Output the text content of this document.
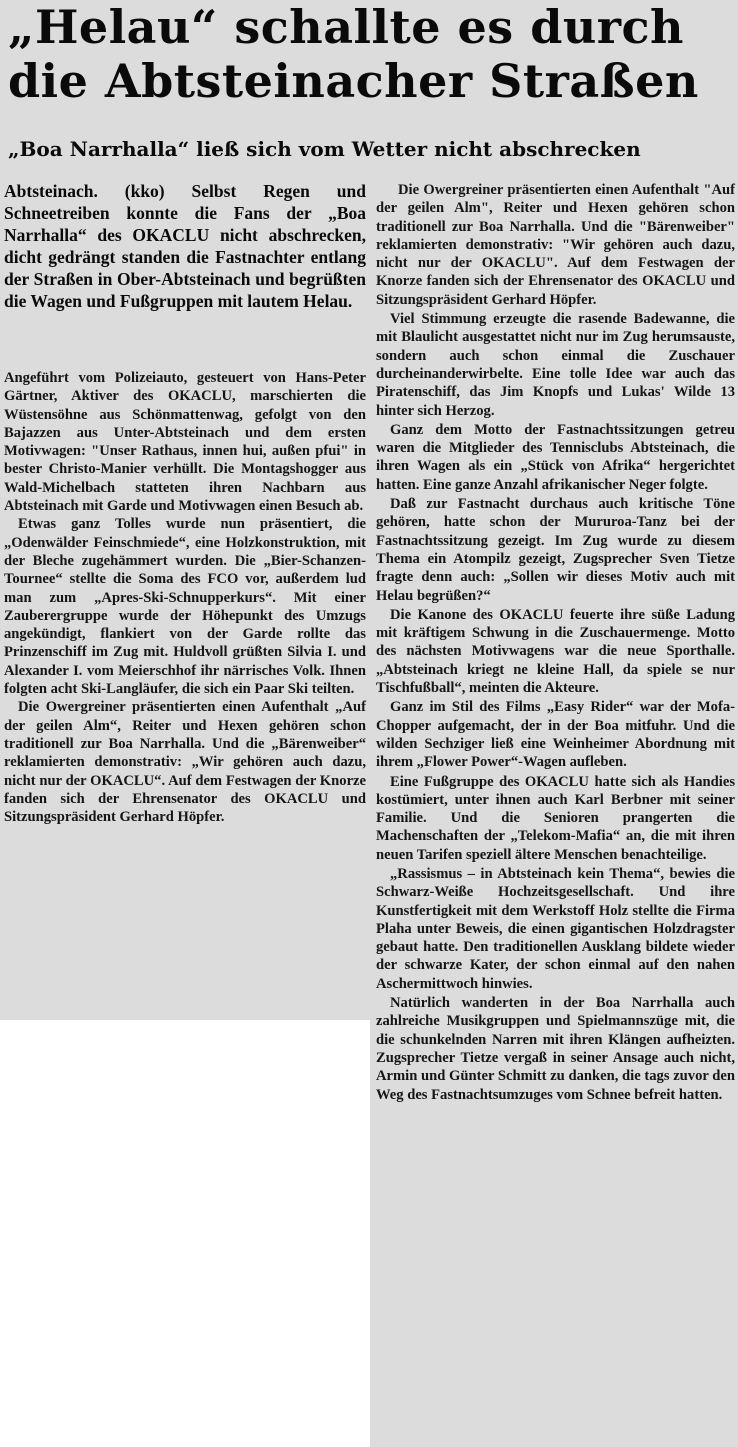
„Helau“ schallte es durch die Abtsteinacher Straßen
„Boa Narrhalla“ ließ sich vom Wetter nicht abschrecken

Abtsteinach. (kko) Selbst Regen und Schneetreiben konnte die Fans der „Boa Narrhalla“ des OKACLU nicht abschrecken, dicht gedrängt standen die Fastnachter entlang der Straßen in Ober-Abtsteinach und begrüßten die Wagen und Fußgruppen mit lautem Helau.

Angeführt vom Polizeiauto, gesteuert von Hans-Peter Gärtner, Aktiver des OKACLU, marschierten die Wüstensöhne aus Schönmattenwag, gefolgt von den Bajazzen aus Unter-Abtsteinach und dem ersten Motivwagen: "Unser Rathaus, innen hui, außen pfui" in bester Christo-Manier verhüllt. Die Montagshogger aus Wald-Michelbach statteten ihren Nachbarn aus Abtsteinach mit Garde und Motivwagen einen Besuch ab.

Etwas ganz Tolles wurde nun präsentiert, die „Odenwälder Feinschmiede“, eine Holzkonstruktion, mit der Bleche zugehämmert wurden. Die „Bier-Schanzen-Tournee“ stellte die Soma des FCO vor, außerdem lud man zum „Apres-Ski-Schnupperkurs“. Mit einer Zauberergruppe wurde der Höhepunkt des Umzugs angekündigt, flankiert von der Garde rollte das Prinzenschiff im Zug mit. Huldvoll grüßten Silvia I. und Alexander I. vom Meierschhof ihr närrisches Volk. Ihnen folgten acht Ski-Langläufer, die sich ein Paar Ski teilten.

Die Owergreiner präsentierten einen Aufenthalt „Auf der geilen Alm“, Reiter und Hexen gehören schon traditionell zur Boa Narrhalla. Und die „Bärenweiber“ reklamierten demonstrativ: „Wir gehören auch dazu, nicht nur der OKACLU“. Auf dem Festwagen der Knorze fanden sich der Ehrensenator des OKACLU und Sitzungspräsident Gerhard Höpfer.

Die Owergreiner präsentierten einen Aufenthalt "Auf der geilen Alm", Reiter und Hexen gehören schon traditionell zur Boa Narrhalla. Und die "Bärenweiber" reklamierten demonstrativ: "Wir gehören auch dazu, nicht nur der OKACLU". Auf dem Festwagen der Knorze fanden sich der Ehrensenator des OKACLU und Sitzungspräsident Gerhard Höpfer.

Viel Stimmung erzeugte die rasende Badewanne, die mit Blaulicht ausgestattet nicht nur im Zug herumsauste, sondern auch schon einmal die Zuschauer durcheinanderwirbelte. Eine tolle Idee war auch das Piratenschiff, das Jim Knopfs und Lukas' Wilde 13 hinter sich Herzog.

Ganz dem Motto der Fastnachtssitzungen getreu waren die Mitglieder des Tennisclubs Abtsteinach, die ihren Wagen als ein „Stück von Afrika“ hergerichtet hatten. Eine ganze Anzahl afrikanischer Neger folgte.

Daß zur Fastnacht durchaus auch kritische Töne gehören, hatte schon der Mururoa-Tanz bei der Fastnachtssitzung gezeigt. Im Zug wurde zu diesem Thema ein Atompilz gezeigt, Zugsprecher Sven Tietze fragte denn auch: „Sollen wir dieses Motiv auch mit Helau begrüßen?“

Die Kanone des OKACLU feuerte ihre süße Ladung mit kräftigem Schwung in die Zuschauermenge. Motto des nächsten Motivwagens war die neue Sporthalle. „Abtsteinach kriegt ne kleine Hall, da spiele se nur Tischfußball“, meinten die Akteure.

Ganz im Stil des Films „Easy Rider“ war der Mofa-Chopper aufgemacht, der in der Boa mitfuhr. Und die wilden Sechziger ließ eine Weinheimer Abordnung mit ihrem „Flower Power“-Wagen aufleben.

Eine Fußgruppe des OKACLU hatte sich als Handies kostümiert, unter ihnen auch Karl Berbner mit seiner Familie. Und die Senioren prangerten die Machenschaften der „Telekom-Mafia“ an, die mit ihren neuen Tarifen speziell ältere Menschen benachteilige.

„Rassismus – in Abtsteinach kein Thema“, bewies die Schwarz-Weiße Hochzeitsgesellschaft. Und ihre Kunstfertigkeit mit dem Werkstoff Holz stellte die Firma Plaha unter Beweis, die einen gigantischen Holzdragster gebaut hatte. Den traditionellen Ausklang bildete wieder der schwarze Kater, der schon einmal auf den nahen Aschermittwoch hinwies.

Natürlich wanderten in der Boa Narrhalla auch zahlreiche Musikgruppen und Spielmannszüge mit, die die schunkelnden Narren mit ihren Klängen aufheizten. Zugsprecher Tietze vergaß in seiner Ansage auch nicht, Armin und Günter Schmitt zu danken, die tags zuvor den Weg des Fastnachtsumzuges vom Schnee befreit hatten.
